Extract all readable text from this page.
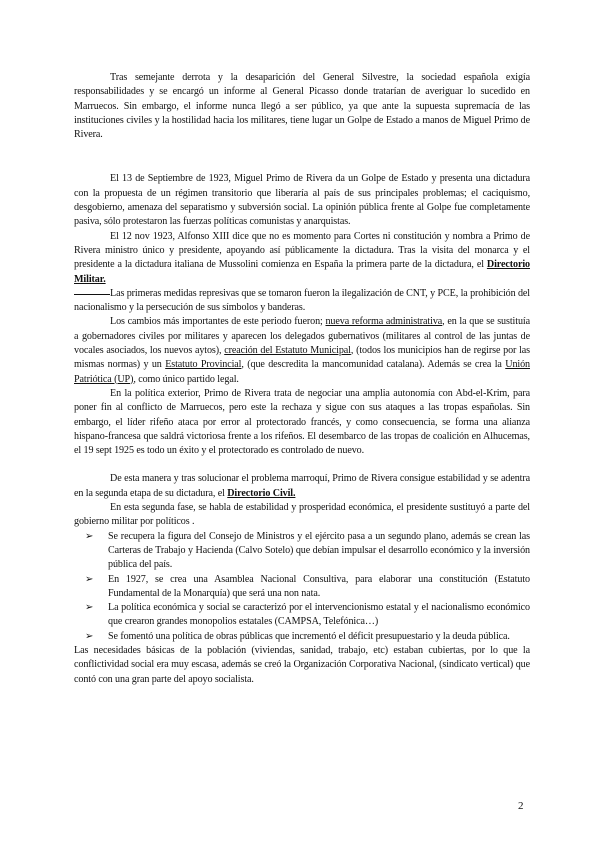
Tras semejante derrota y la desaparición del General Silvestre, la sociedad española exigía responsabilidades y se encargó un informe al General Picasso donde tratarían de averiguar lo sucedido en Marruecos. Sin embargo, el informe nunca llegó a ser público, ya que ante la supuesta supremacía de las instituciones civiles y la hostilidad hacia los militares, tiene lugar un Golpe de Estado a manos de Miguel Primo de Rivera.

El 13 de Septiembre de 1923, Miguel Primo de Rivera da un Golpe de Estado y presenta una dictadura con la propuesta de un régimen transitorio que liberaría al país de sus principales problemas; el caciquismo, desgobierno, amenaza del separatismo y subversión social. La opinión pública frente al Golpe fue completamente pasiva, sólo protestaron las fuerzas políticas comunistas y anarquistas.

El 12 nov 1923, Alfonso XIII dice que no es momento para Cortes ni constitución y nombra a Primo de Rivera ministro único y presidente, apoyando así públicamente la dictadura. Tras la visita del monarca y el presidente a la dictadura italiana de Mussolini comienza en España la primera parte de la dictadura, el Directorio Militar.

Las primeras medidas represivas que se tomaron fueron la ilegalización de CNT, y PCE, la prohibición del nacionalismo y la persecución de sus símbolos y banderas.

Los cambios más importantes de este periodo fueron; nueva reforma administrativa, en la que se sustituía a gobernadores civiles por militares y aparecen los delegados gubernativos (militares al control de las juntas de vocales asociados, los nuevos aytos), creación del Estatuto Municipal, (todos los municipios han de regirse por las mismas normas) y un Estatuto Provincial, (que descredita la mancomunidad catalana). Además se crea la Unión Patriótica (UP), como único partido legal.

En la política exterior, Primo de Rivera trata de negociar una amplia autonomía con Abd-el-Krim, para poner fin al conflicto de Marruecos, pero este la rechaza y sigue con sus ataques a las tropas españolas. Sin embargo, el líder rifeño ataca por error al protectorado francés, y como consecuencia, se forma una alianza hispano-francesa que saldrá victoriosa frente a los rifeños. El desembarco de las tropas de coalición en Alhucemas, el 19 sept 1925 es todo un éxito y el protectorado es controlado de nuevo.

De esta manera y tras solucionar el problema marroquí, Primo de Rivera consigue estabilidad y se adentra en la segunda etapa de su dictadura, el Directorio Civil.

En esta segunda fase, se habla de estabilidad y prosperidad económica, el presidente sustituyó a parte del gobierno militar por políticos .

➢ Se recupera la figura del Consejo de Ministros y el ejército pasa a un segundo plano, además se crean las Carteras de Trabajo y Hacienda (Calvo Sotelo) que debían impulsar el desarrollo económico y la inversión pública del país.
➢ En 1927, se crea una Asamblea Nacional Consultiva, para elaborar una constitución (Estatuto Fundamental de la Monarquía) que será una non nata.
➢ La política económica y social se caracterizó por el intervencionismo estatal y el nacionalismo económico que crearon grandes monopolios estatales (CAMPSA, Telefónica…)
➢ Se fomentó una política de obras públicas que incrementó el déficit presupuestario y la deuda pública.

Las necesidades básicas de la población (viviendas, sanidad, trabajo, etc) estaban cubiertas, por lo que la conflictividad social era muy escasa, además se creó la Organización Corporativa Nacional, (sindicato vertical) que contó con una gran parte del apoyo socialista.

2
